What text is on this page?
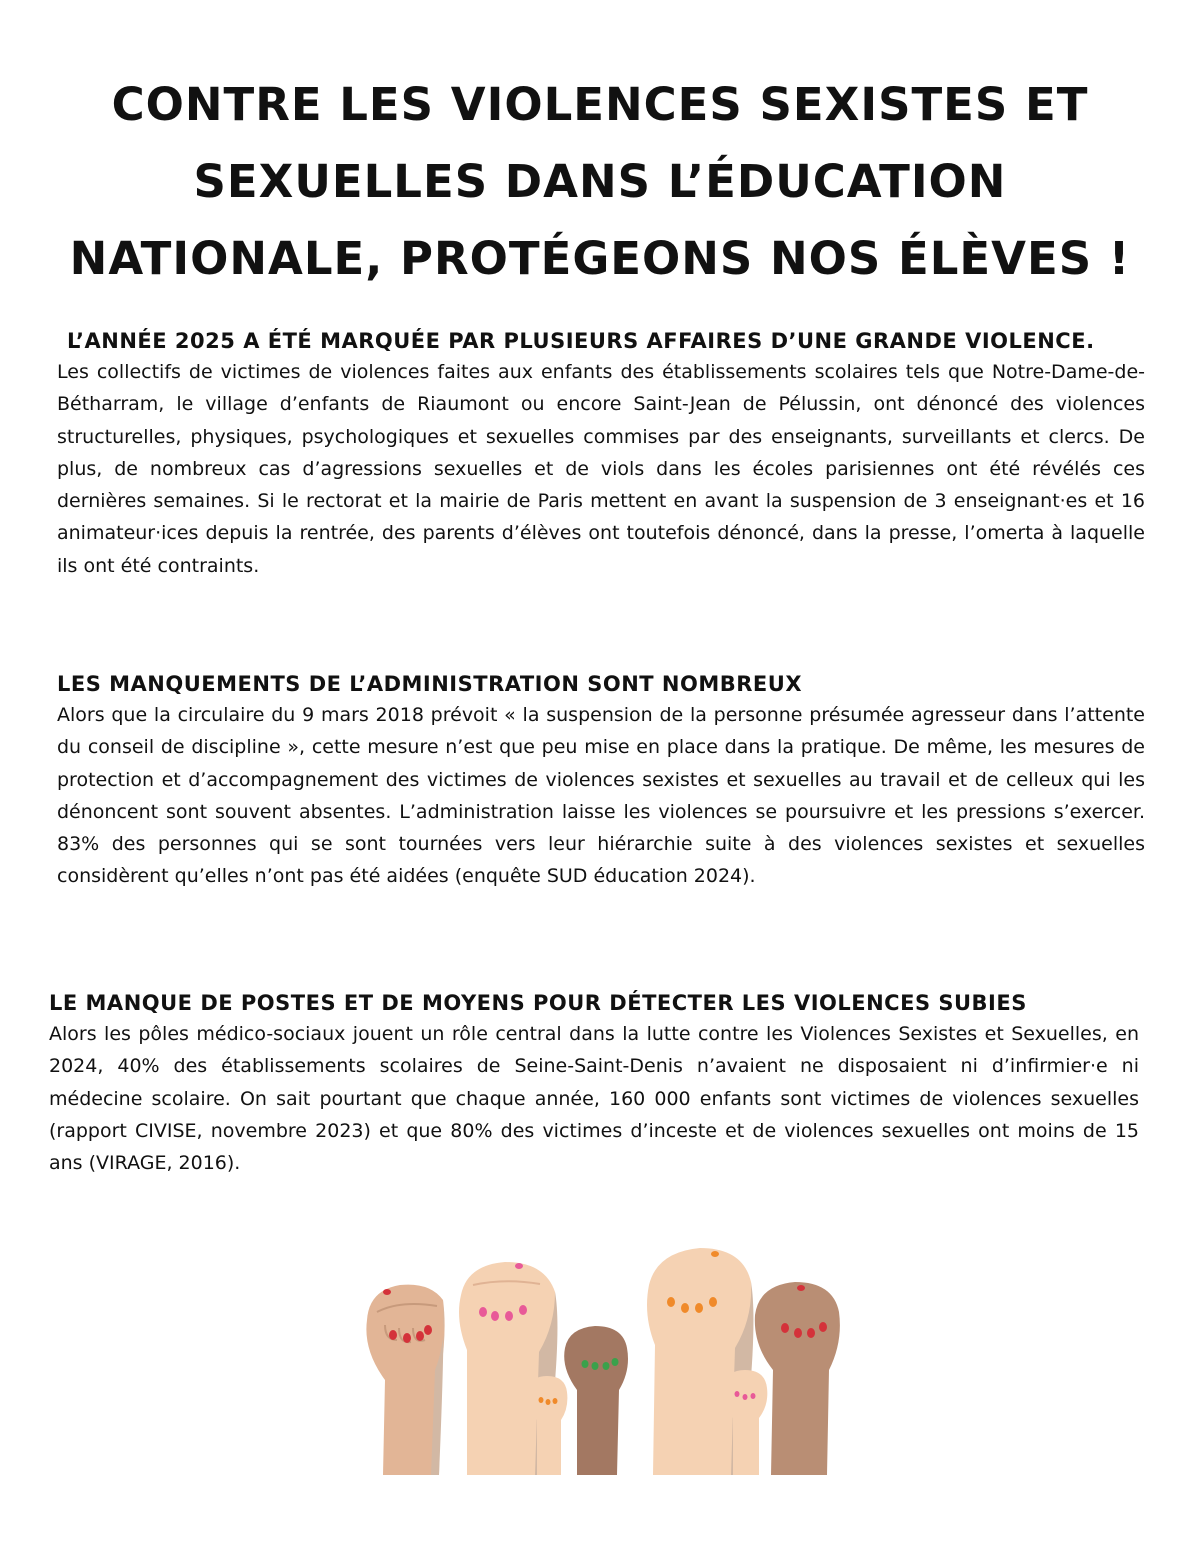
CONTRE LES VIOLENCES SEXISTES ET SEXUELLES DANS L’ÉDUCATION NATIONALE, PROTÉGEONS NOS ÉLÈVES !
L’ANNÉE 2025 A ÉTÉ MARQUÉE PAR PLUSIEURS AFFAIRES D’UNE GRANDE VIOLENCE.

Les collectifs de victimes de violences faites aux enfants des établissements scolaires tels que Notre-Dame-de-Bétharram, le village d’enfants de Riaumont ou encore Saint-Jean de Pélussin, ont dénoncé des violences structurelles, physiques, psychologiques et sexuelles commises par des enseignants, surveillants et clercs. De plus, de nombreux cas d’agressions sexuelles et de viols dans les écoles parisiennes ont été révélés ces dernières semaines. Si le rectorat et la mairie de Paris mettent en avant la suspension de 3 enseignant·es et 16 animateur·ices depuis la rentrée, des parents d’élèves ont toutefois dénoncé, dans la presse, l’omerta à laquelle ils ont été contraints.

LES MANQUEMENTS DE L’ADMINISTRATION SONT NOMBREUX

Alors que la circulaire du 9 mars 2018 prévoit « la suspension de la personne présumée agresseur dans l’attente du conseil de discipline », cette mesure n’est que peu mise en place dans la pratique. De même, les mesures de protection et d’accompagnement des victimes de violences sexistes et sexuelles au travail et de celleux qui les dénoncent sont souvent absentes. L’administration laisse les violences se poursuivre et les pressions s’exercer. 83% des personnes qui se sont tournées vers leur hiérarchie suite à des violences sexistes et sexuelles considèrent qu’elles n’ont pas été aidées (enquête SUD éducation 2024).

LE MANQUE DE POSTES ET DE MOYENS POUR DÉTECTER LES VIOLENCES SUBIES

Alors les pôles médico-sociaux jouent un rôle central dans la lutte contre les Violences Sexistes et Sexuelles, en 2024, 40% des établissements scolaires de Seine-Saint-Denis n’avaient ne disposaient ni d’infirmier·e ni médecine scolaire. On sait pourtant que chaque année, 160 000 enfants sont victimes de violences sexuelles (rapport CIVISE, novembre 2023) et que 80% des victimes d’inceste et de violences sexuelles ont moins de 15 ans (VIRAGE, 2016).
